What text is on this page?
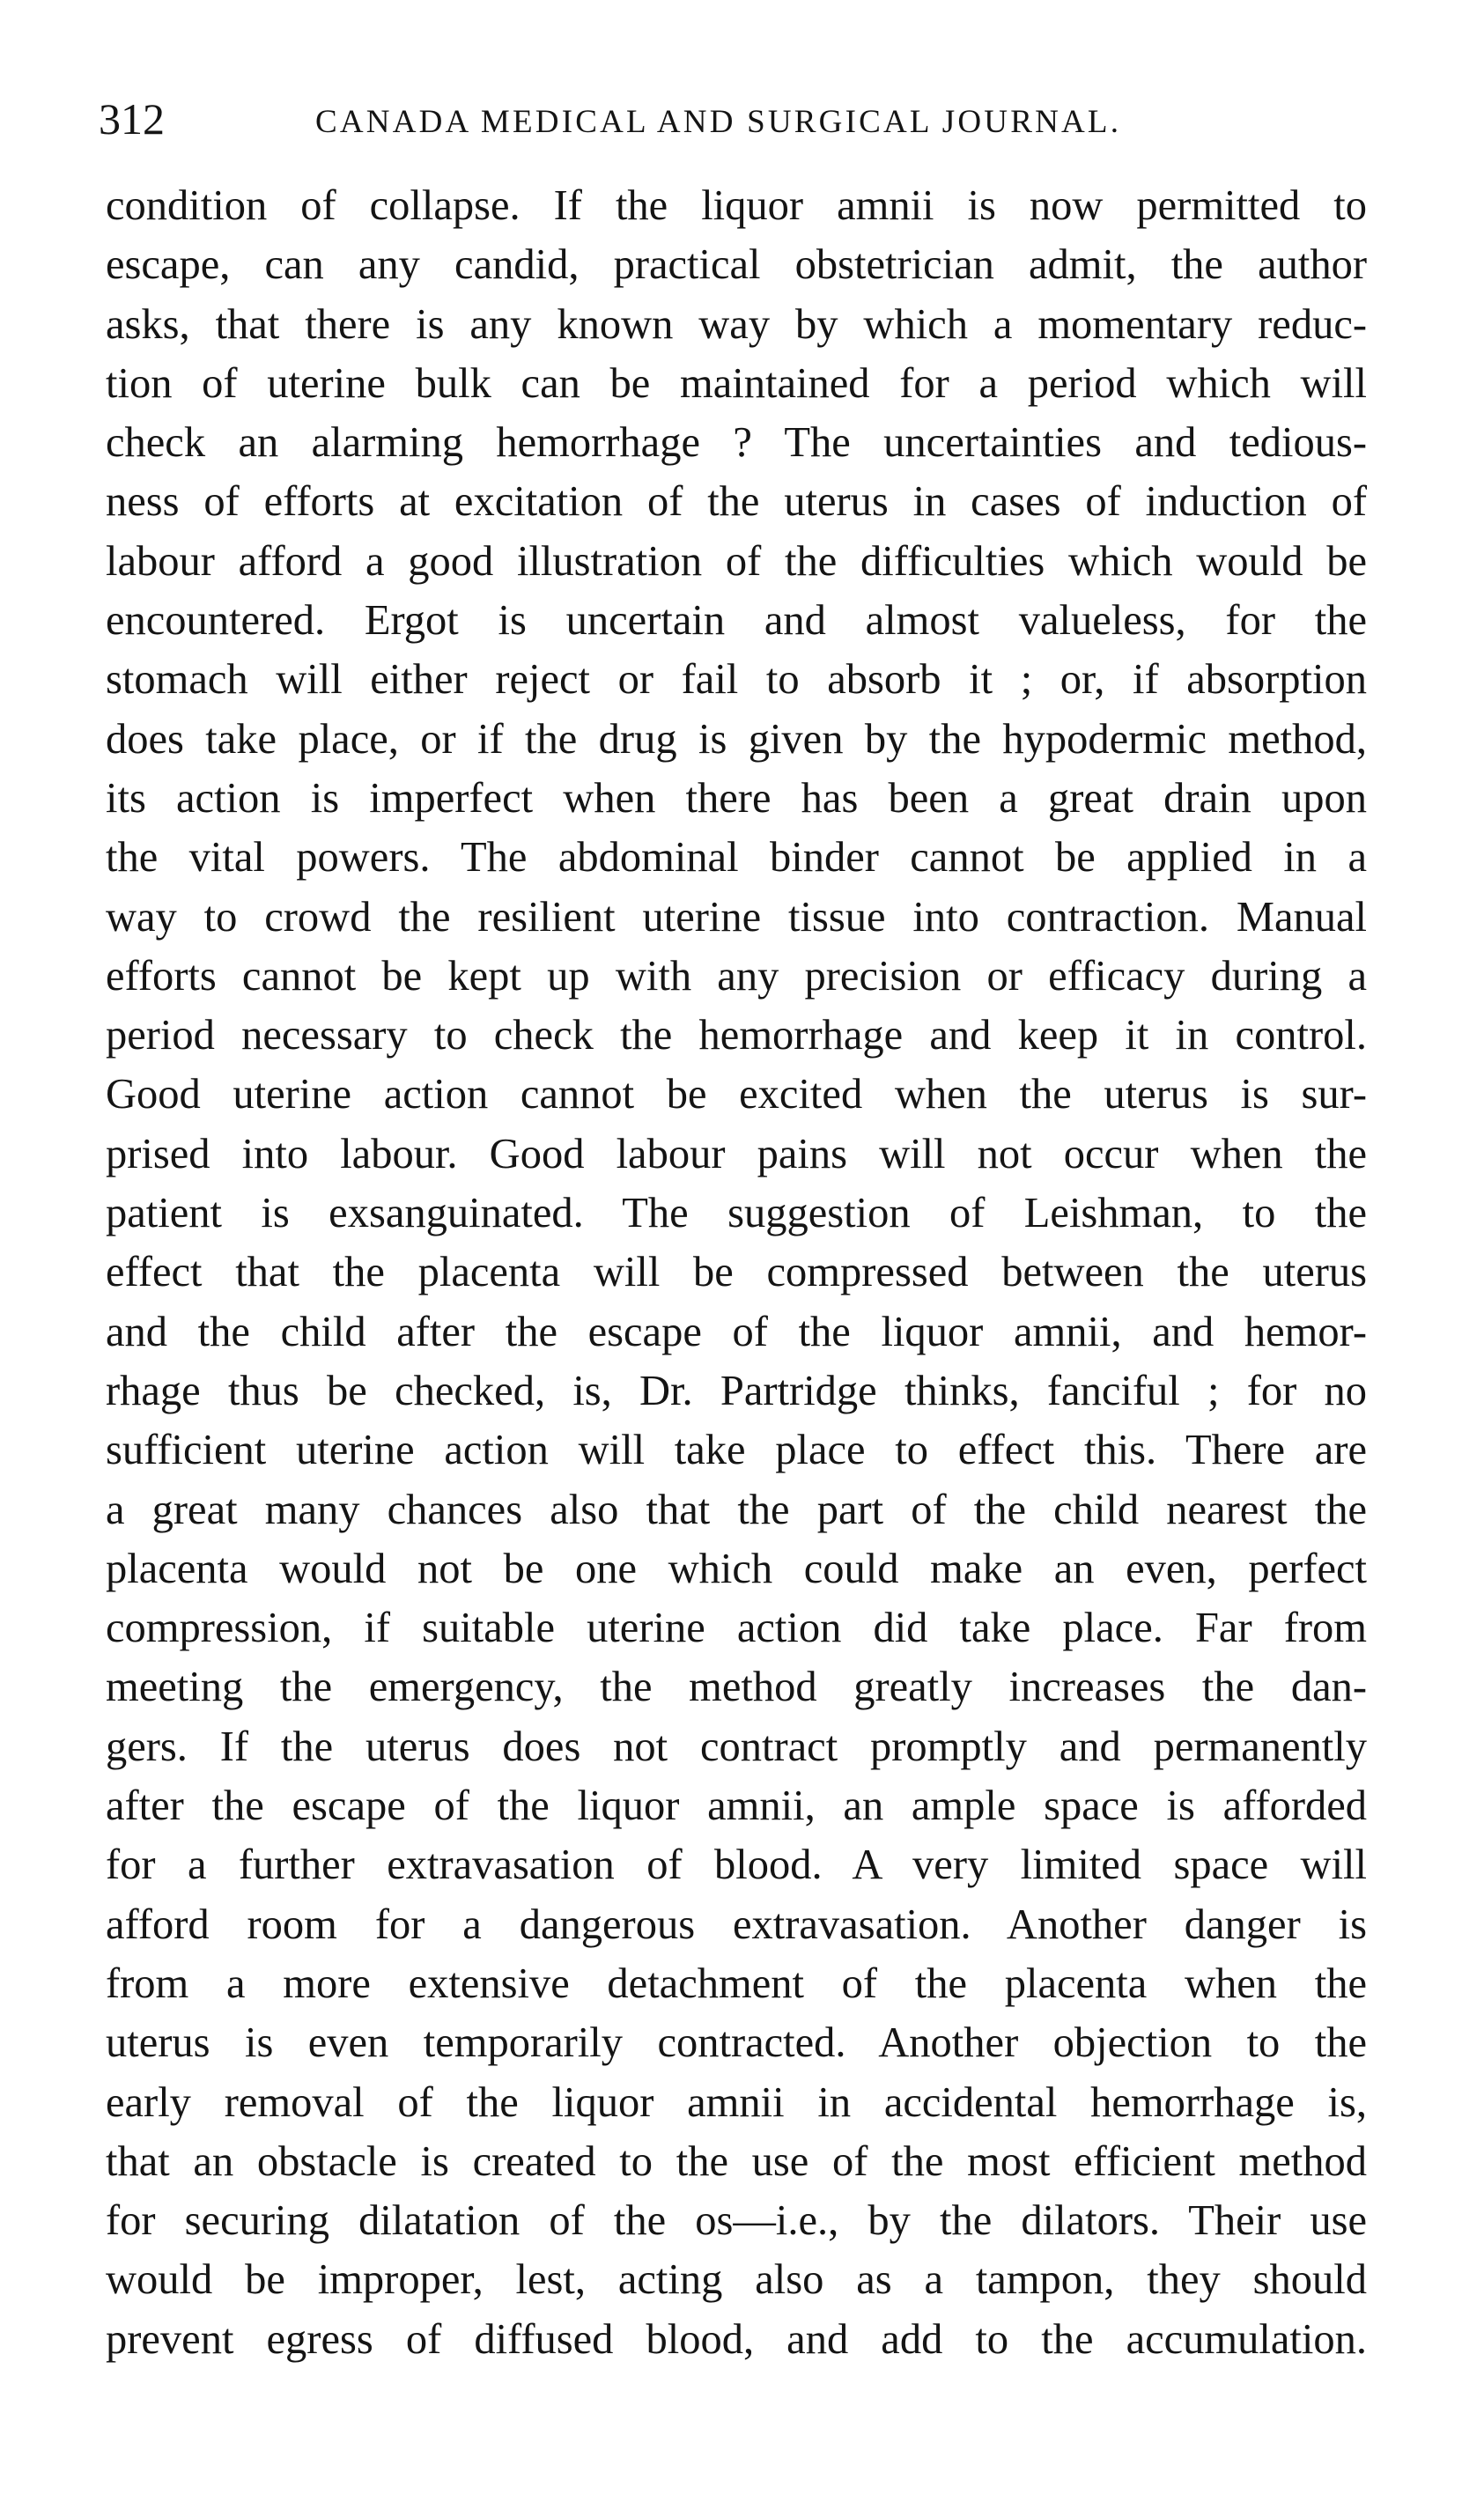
312	CANADA MEDICAL AND SURGICAL JOURNAL.
condition of collapse. If the liquor amnii is now permitted to
escape, can any candid, practical obstetrician admit, the author
asks, that there is any known way by which a momentary reduc-
tion of uterine bulk can be maintained for a period which will
check an alarming hemorrhage ? The uncertainties and tedious-
ness of efforts at excitation of the uterus in cases of induction of
labour afford a good illustration of the difficulties which would be
encountered. Ergot is uncertain and almost valueless, for the
stomach will either reject or fail to absorb it ; or, if absorption
does take place, or if the drug is given by the hypodermic method,
its action is imperfect when there has been a great drain upon
the vital powers. The abdominal binder cannot be applied in a
way to crowd the resilient uterine tissue into contraction. Manual
efforts cannot be kept up with any precision or efficacy during a
period necessary to check the hemorrhage and keep it in control.
Good uterine action cannot be excited when the uterus is sur-
prised into labour. Good labour pains will not occur when the
patient is exsanguinated. The suggestion of Leishman, to the
effect that the placenta will be compressed between the uterus
and the child after the escape of the liquor amnii, and hemor-
rhage thus be checked, is, Dr. Partridge thinks, fanciful ; for no
sufficient uterine action will take place to effect this. There are
a great many chances also that the part of the child nearest the
placenta would not be one which could make an even, perfect
compression, if suitable uterine action did take place. Far from
meeting the emergency, the method greatly increases the dan-
gers. If the uterus does not contract promptly and permanently
after the escape of the liquor amnii, an ample space is afforded
for a further extravasation of blood. A very limited space will
afford room for a dangerous extravasation. Another danger is
from a more extensive detachment of the placenta when the
uterus is even temporarily contracted. Another objection to the
early removal of the liquor amnii in accidental hemorrhage is,
that an obstacle is created to the use of the most efficient method
for securing dilatation of the os—i.e., by the dilators. Their use
would be improper, lest, acting also as a tampon, they should
prevent egress of diffused blood, and add to the accumulation.
